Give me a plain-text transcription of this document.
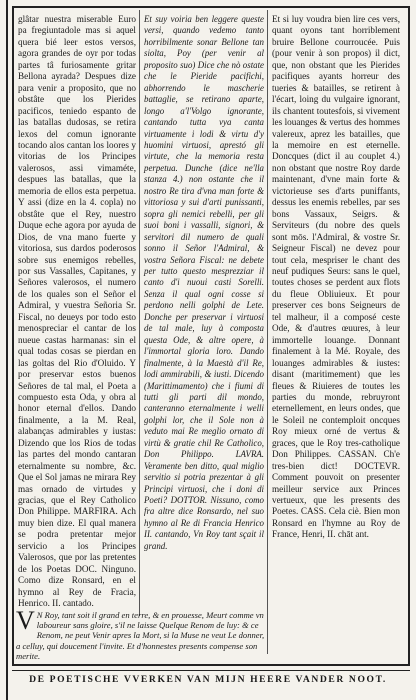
glâtar nuestra miserable Euro pa fregiuntadole mas si aquel quera bié leer estos versos, agora grandes de oyr por todas partes tâ furiosamente gritar Bellona ayrada? Despues dize para venir a proposito, que no obstâte que los Pierides pacificos, teniedo espanto de las batallas dudosas, se retira lexos del comun ignorante tocando alos cantan los loores y vitorias de los Principes valerosos, assi vimaméte, despues las batallas, que la memoria de ellos esta perpetua. Y assi (dize en la 4. copla) no obstâte que el Rey, nuestro Duque eche agora por ayuda de Dios, de vna mano fuerte y vitoriosa, sus dardos poderosos sobre sus enemigos rebelles, por sus Vassalles, Capitanes, y Señores valerosos, el numero de los quales son el Señor el Admiral, y vuestra Señoria Sr. Fiscal, no deueys por todo esto menospreciar el cantar de los nueue castas harmanas: sin el qual todas cosas se pierdan en las goltas del Rio d'Oluido. Y por preservar estos buenos Señores de tal mal, el Poeta a compuesto esta Oda, y obra al honor eternal d'ellos. Dando finalmente, a la M. Real, alabanças admirables y iustas: Dizendo que los Rios de todas las partes del mondo cantaran eternalmente su nombre, &c. Que el Sol jamas ne mirara Rey mas ornado de virtudes y gracias, que el Rey Catholico Don Philippe. MARFIRA. Ach muy bien dize. El qual manera se podra pretentar mejor servicio a los Principes Valerosos, que por las pretentes de los Poetas DOC. Ninguno. Como dize Ronsard, en el hymno al Rey de Fracia, Henrico. II. cantado.
Et suy voiria ben leggere queste versi, quando vedemo tanto horribilmente sonar Bellone tan siolta, Poy (per venir al proposito suo) Dice che nò ostate che le Pieride pacifichi, abhorrendo le mascherie battaglie, se retirano aparte, longo a'l'Volgo ignorante, cantando tutta vya canta virtuamente i lodi & virtu d'y huomini virtuosi, aprestó gli virtute, che la memoria resta perpetua. Dunche (dice ne'lla stanza 4.) non ostante che il nostro Re tira d'vna man forte & vittoriosa y sui d'arti punissanti, sopra gli nemici rebelli, per gli suoi boni i vassalli, signori, & servitori dil numero de quali sonno il Señor l'Admiral, & vostra Señora Fiscal: ne debete per tutto questo mesprezziar il canto d'i nuoui casti Sorelli. Senza il qual ogni cosse si perdono nelli golphi de Lete. Donche per preservar i virtuosi de tal male, luy à composta questa Ode, & altre opere, à l'immortal gloria loro. Dando finalmente, à la Maestà d'il Re, lodi ammirabili, & iusti. Dicendo (Marittimamento) che i fiumi di tutti gli parti dil mondo, canteranno eternalmente i welli golphi lor, che il Sole non à veduto mai Re meglio ornato di virtù & gratie chil Re Catholico, Don Philippo. LAVRA. Veramente ben ditto, qual miglio servitio si potria prezentar à gli Principi virtuosi, che i doni di Poeti? DOTTOR. Nissuno, como fra altre dice Ronsardo, nel suo hymno al Re di Francia Henrico II. cantando, Vn Roy tant sçait il grand.
Et si luy voudra bien lire ces vers, quant oyons tant horriblement bruire Bellone courroucée. Puis (pour venir à son propos) il dict, que, non obstant que les Pierides pacifiques ayants horreur des tueries & batailles, se retirent à l'écart, loing du vulgaire ignorant, ils chantent toutesfois, si vivement les louanges & vertus des hommes valereux, aprez les batailles, que la memoire en est eternelle. Doncques (dict il au couplet 4.) non obstant que nostre Roy darde maintenant, d'vne main forte & victorieuse ses d'arts puniffants, dessus les enemis rebelles, par ses bons Vassaux, Seigrs. & Serviteurs (du nobre des quels sont mōs. l'Admiral, & vostre Sr. Seigneur Fiscal) ne devez pour tout cela, mespriser le chant des neuf pudiques Seurs: sans le quel, toutes choses se perdent aux flots du fleue Obliuieux. Et pour preserver ces bons Seigneurs de tel malheur, il a composé ceste Ode, & d'autres œuures, à leur immortelle louange. Donnant finalement à la Mé. Royale, des louanges admirables & iustes: disant (maritimement) que les fleues & Riuieres de toutes les parties du monde, rebruyront eternellement, en leurs ondes, que le Soleil ne contemploit oncques Roy mieux orné de vertus & graces, que le Roy tres-catholique Don Philippes. CASSAN. Ch'e tres-bien dict! DOCTEVR. Comment pouvoit on presenter meilleur service aux Princes vertueux, que les presents des Poetes. CASS. Cela ciè. Bien mon Ronsard en l'hymne au Roy de France, Henri, II. chāt ant.
V N Roy, tant soit il grand en terre, & en prouesse, Meurt comme vn laboureur sans gloire, s'il ne laisse Quelque Renom de luy: & ce Renom, ne peut Venir apres la Mort, si la Muse ne veut Le donner, a celluy, qui doucement l'invite. Et d'honnestes presents compense son merite.
DE POETISCHE VVERKEN VAN MIJN HEERE VANDER NOOT.
